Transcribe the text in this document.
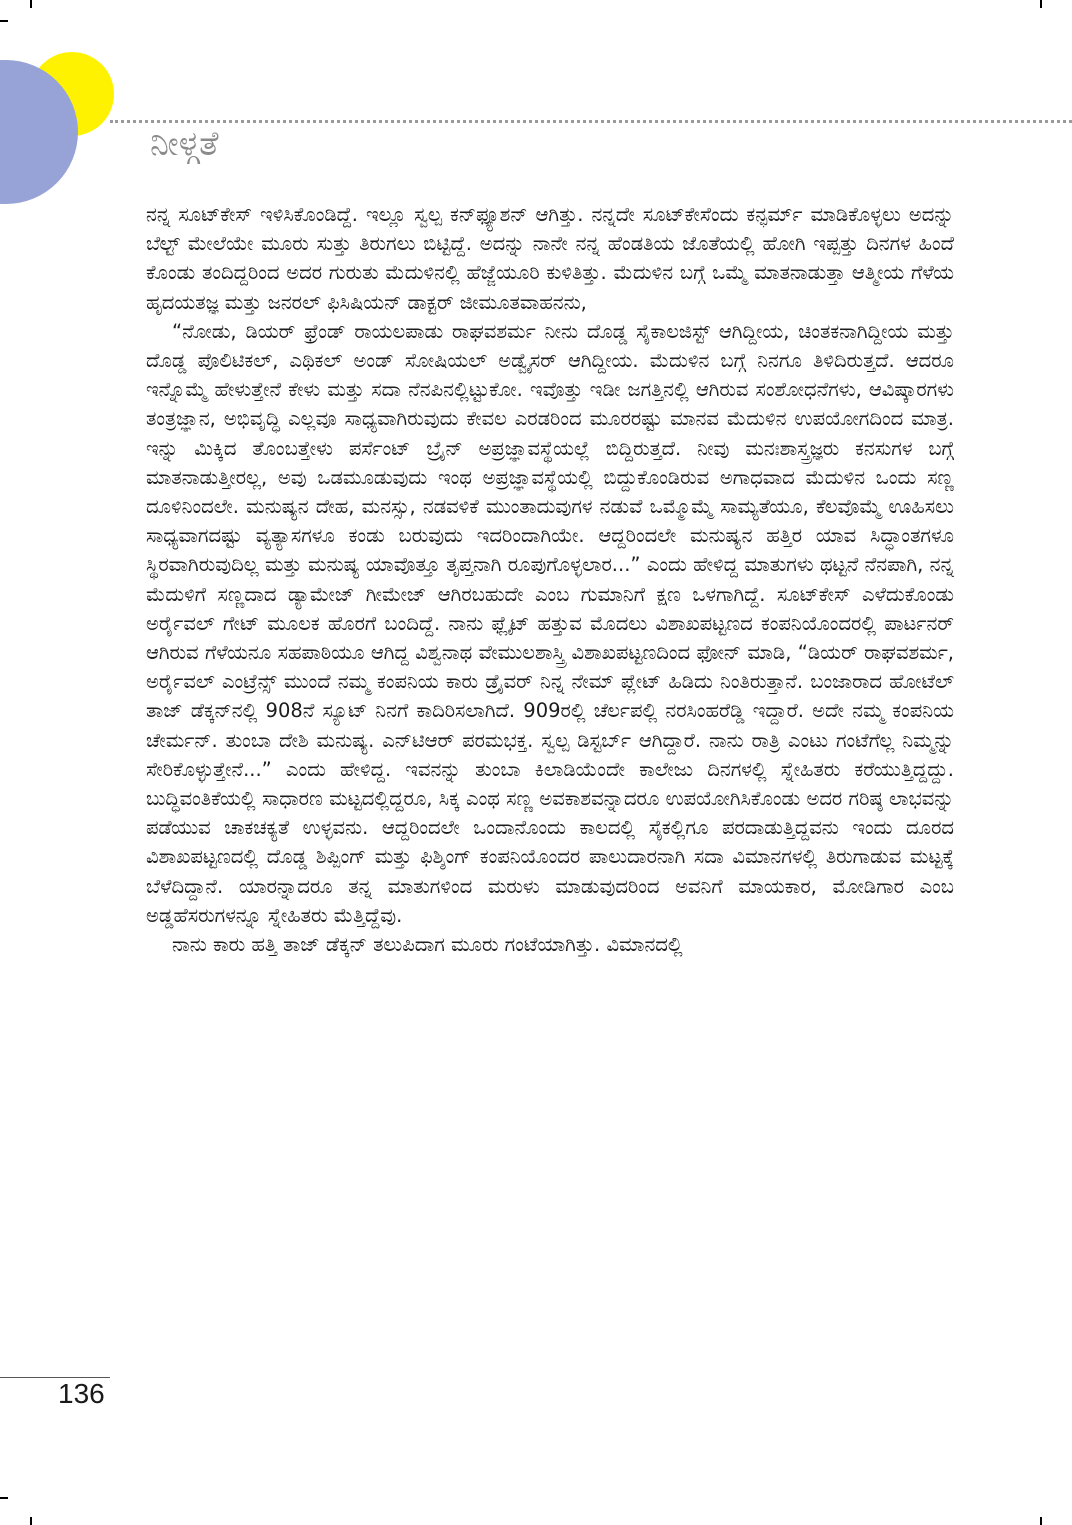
ನೀಳ್ಗತೆ

ನನ್ನ ಸೂಟ್‌ಕೇಸ್ ಇಳಿಸಿಕೊಂಡಿದ್ದೆ. ಇಲ್ಲೂ ಸ್ವಲ್ಪ ಕನ್‌ಫ್ಯೂಶನ್ ಆಗಿತ್ತು. ನನ್ನದೇ ಸೂಟ್‌ಕೇಸೆಂದು ಕನ್ಫರ್ಮ್ ಮಾಡಿಕೊಳ್ಳಲು ಅದನ್ನು ಬೆಲ್ಟ್ ಮೇಲೆಯೇ ಮೂರು ಸುತ್ತು ತಿರುಗಲು ಬಿಟ್ಟಿದ್ದೆ. ಅದನ್ನು ನಾನೇ ನನ್ನ ಹೆಂಡತಿಯ ಜೊತೆಯಲ್ಲಿ ಹೋಗಿ ಇಪ್ಪತ್ತು ದಿನಗಳ ಹಿಂದೆ ಕೊಂಡು ತಂದಿದ್ದರಿಂದ ಅದರ ಗುರುತು ಮೆದುಳಿನಲ್ಲಿ ಹೆಜ್ಜೆಯೂರಿ ಕುಳಿತಿತ್ತು. ಮೆದುಳಿನ ಬಗ್ಗೆ ಒಮ್ಮೆ ಮಾತನಾಡುತ್ತಾ ಆತ್ಮೀಯ ಗೆಳೆಯ ಹೃದಯತಜ್ಞ ಮತ್ತು ಜನರಲ್ ಫಿಸಿಷಿಯನ್ ಡಾಕ್ಟರ್ ಜೀಮೂತವಾಹನನು,

“ನೋಡು, ಡಿಯರ್ ಫ್ರೆಂಡ್ ರಾಯಲಪಾಡು ರಾಘವಶರ್ಮ ನೀನು ದೊಡ್ಡ ಸೈಕಾಲಜಿಸ್ಟ್ ಆಗಿದ್ದೀಯ, ಚಿಂತಕನಾಗಿದ್ದೀಯ ಮತ್ತು ದೊಡ್ಡ ಪೊಲಿಟಿಕಲ್, ಎಥಿಕಲ್ ಅಂಡ್ ಸೋಷಿಯಲ್ ಅಡ್ವೈಸರ್ ಆಗಿದ್ದೀಯ. ಮೆದುಳಿನ ಬಗ್ಗೆ ನಿನಗೂ ತಿಳಿದಿರುತ್ತದೆ. ಆದರೂ ಇನ್ನೊಮ್ಮೆ ಹೇಳುತ್ತೇನೆ ಕೇಳು ಮತ್ತು ಸದಾ ನೆನಪಿನಲ್ಲಿಟ್ಟುಕೋ. ಇವೊತ್ತು ಇಡೀ ಜಗತ್ತಿನಲ್ಲಿ ಆಗಿರುವ ಸಂಶೋಧನೆಗಳು, ಆವಿಷ್ಕಾರಗಳು ತಂತ್ರಜ್ಞಾನ, ಅಭಿವೃದ್ಧಿ ಎಲ್ಲವೂ ಸಾಧ್ಯವಾಗಿರುವುದು ಕೇವಲ ಎರಡರಿಂದ ಮೂರರಷ್ಟು ಮಾನವ ಮೆದುಳಿನ ಉಪಯೋಗದಿಂದ ಮಾತ್ರ. ಇನ್ನು ಮಿಕ್ಕಿದ ತೊಂಬತ್ತೇಳು ಪರ್ಸೆಂಟ್ ಬ್ರೈನ್ ಅಪ್ರಜ್ಞಾವಸ್ಥೆಯಲ್ಲೆ ಬಿದ್ದಿರುತ್ತದೆ. ನೀವು ಮನಃಶಾಸ್ತ್ರಜ್ಞರು ಕನಸುಗಳ ಬಗ್ಗೆ ಮಾತನಾಡುತ್ತೀರಲ್ಲ, ಅವು ಒಡಮೂಡುವುದು ಇಂಥ ಅಪ್ರಜ್ಞಾವಸ್ಥೆಯಲ್ಲಿ ಬಿದ್ದುಕೊಂಡಿರುವ ಅಗಾಧವಾದ ಮೆದುಳಿನ ಒಂದು ಸಣ್ಣ ದೂಳಿನಿಂದಲೇ. ಮನುಷ್ಯನ ದೇಹ, ಮನಸ್ಸು, ನಡವಳಿಕೆ ಮುಂತಾದುವುಗಳ ನಡುವೆ ಒಮ್ಮೊಮ್ಮೆ ಸಾಮ್ಯತೆಯೂ, ಕೆಲವೊಮ್ಮೆ ಊಹಿಸಲು ಸಾಧ್ಯವಾಗದಷ್ಟು ವ್ಯತ್ಯಾಸಗಳೂ ಕಂಡು ಬರುವುದು ಇದರಿಂದಾಗಿಯೇ. ಆದ್ದರಿಂದಲೇ ಮನುಷ್ಯನ ಹತ್ತಿರ ಯಾವ ಸಿದ್ಧಾಂತಗಳೂ ಸ್ಥಿರವಾಗಿರುವುದಿಲ್ಲ ಮತ್ತು ಮನುಷ್ಯ ಯಾವೊತ್ತೂ ತೃಪ್ತನಾಗಿ ರೂಪುಗೊಳ್ಳಲಾರ...” ಎಂದು ಹೇಳಿದ್ದ ಮಾತುಗಳು ಥಟ್ಟನೆ ನೆನಪಾಗಿ, ನನ್ನ ಮೆದುಳಿಗೆ ಸಣ್ಣದಾದ ಡ್ಯಾಮೇಜ್ ಗೀಮೇಜ್ ಆಗಿರಬಹುದೇ ಎಂಬ ಗುಮಾನಿಗೆ ಕ್ಷಣ ಒಳಗಾಗಿದ್ದೆ. ಸೂಟ್‌ಕೇಸ್ ಎಳೆದುಕೊಂಡು ಅರ್ರೈವಲ್ ಗೇಟ್ ಮೂಲಕ ಹೊರಗೆ ಬಂದಿದ್ದೆ. ನಾನು ಫ್ಲೈಟ್ ಹತ್ತುವ ಮೊದಲು ವಿಶಾಖಪಟ್ಟಣದ ಕಂಪನಿಯೊಂದರಲ್ಲಿ ಪಾರ್ಟನರ್ ಆಗಿರುವ ಗೆಳೆಯನೂ ಸಹಪಾಠಿಯೂ ಆಗಿದ್ದ ವಿಶ್ವನಾಥ ವೇಮುಲಶಾಸ್ತ್ರಿ ವಿಶಾಖಪಟ್ಟಣದಿಂದ ಫೋನ್ ಮಾಡಿ, “ಡಿಯರ್ ರಾಘವಶರ್ಮ, ಅರ್ರೈವಲ್ ಎಂಟ್ರೆನ್ಸ್ ಮುಂದೆ ನಮ್ಮ ಕಂಪನಿಯ ಕಾರು ಡ್ರೈವರ್ ನಿನ್ನ ನೇಮ್ ಪ್ಲೇಟ್ ಹಿಡಿದು ನಿಂತಿರುತ್ತಾನೆ. ಬಂಜಾರಾದ ಹೋಟೆಲ್ ತಾಜ್ ಡೆಕ್ಕನ್‌ನಲ್ಲಿ 908ನೆ ಸ್ಯೂಟ್ ನಿನಗೆ ಕಾದಿರಿಸಲಾಗಿದೆ. 909ರಲ್ಲಿ ಚೆರ್ಲಪಲ್ಲಿ ನರಸಿಂಹರೆಡ್ಡಿ ಇದ್ದಾರೆ. ಅದೇ ನಮ್ಮ ಕಂಪನಿಯ ಚೇರ್ಮನ್. ತುಂಬಾ ದೇಶಿ ಮನುಷ್ಯ. ಎನ್‌ಟಿಆರ್ ಪರಮಭಕ್ತ. ಸ್ವಲ್ಪ ಡಿಸ್ಟರ್ಬ್ ಆಗಿದ್ದಾರೆ. ನಾನು ರಾತ್ರಿ ಎಂಟು ಗಂಟೆಗೆಲ್ಲ ನಿಮ್ಮನ್ನು ಸೇರಿಕೊಳ್ಳುತ್ತೇನೆ...” ಎಂದು ಹೇಳಿದ್ದ. ಇವನನ್ನು ತುಂಬಾ ಕಿಲಾಡಿಯೆಂದೇ ಕಾಲೇಜು ದಿನಗಳಲ್ಲಿ ಸ್ನೇಹಿತರು ಕರೆಯುತ್ತಿದ್ದದ್ದು. ಬುದ್ಧಿವಂತಿಕೆಯಲ್ಲಿ ಸಾಧಾರಣ ಮಟ್ಟದಲ್ಲಿದ್ದರೂ, ಸಿಕ್ಕ ಎಂಥ ಸಣ್ಣ ಅವಕಾಶವನ್ನಾದರೂ ಉಪಯೋಗಿಸಿಕೊಂಡು ಅದರ ಗರಿಷ್ಠ ಲಾಭವನ್ನು ಪಡೆಯುವ ಚಾಕಚಕ್ಯತೆ ಉಳ್ಳವನು. ಆದ್ದರಿಂದಲೇ ಒಂದಾನೊಂದು ಕಾಲದಲ್ಲಿ ಸೈಕಲ್ಲಿಗೂ ಪರದಾಡುತ್ತಿದ್ದವನು ಇಂದು ದೂರದ ವಿಶಾಖಪಟ್ಟಣದಲ್ಲಿ ದೊಡ್ಡ ಶಿಪ್ಪಿಂಗ್ ಮತ್ತು ಫಿಶ್ಶಿಂಗ್ ಕಂಪನಿಯೊಂದರ ಪಾಲುದಾರನಾಗಿ ಸದಾ ವಿಮಾನಗಳಲ್ಲಿ ತಿರುಗಾಡುವ ಮಟ್ಟಕ್ಕೆ ಬೆಳೆದಿದ್ದಾನೆ. ಯಾರನ್ನಾದರೂ ತನ್ನ ಮಾತುಗಳಿಂದ ಮರುಳು ಮಾಡುವುದರಿಂದ ಅವನಿಗೆ ಮಾಯಕಾರ, ಮೋಡಿಗಾರ ಎಂಬ ಅಡ್ಡಹೆಸರುಗಳನ್ನೂ ಸ್ನೇಹಿತರು ಮೆತ್ತಿದ್ದೆವು.

ನಾನು ಕಾರು ಹತ್ತಿ ತಾಜ್ ಡೆಕ್ಕನ್ ತಲುಪಿದಾಗ ಮೂರು ಗಂಟೆಯಾಗಿತ್ತು. ವಿಮಾನದಲ್ಲಿ

136
